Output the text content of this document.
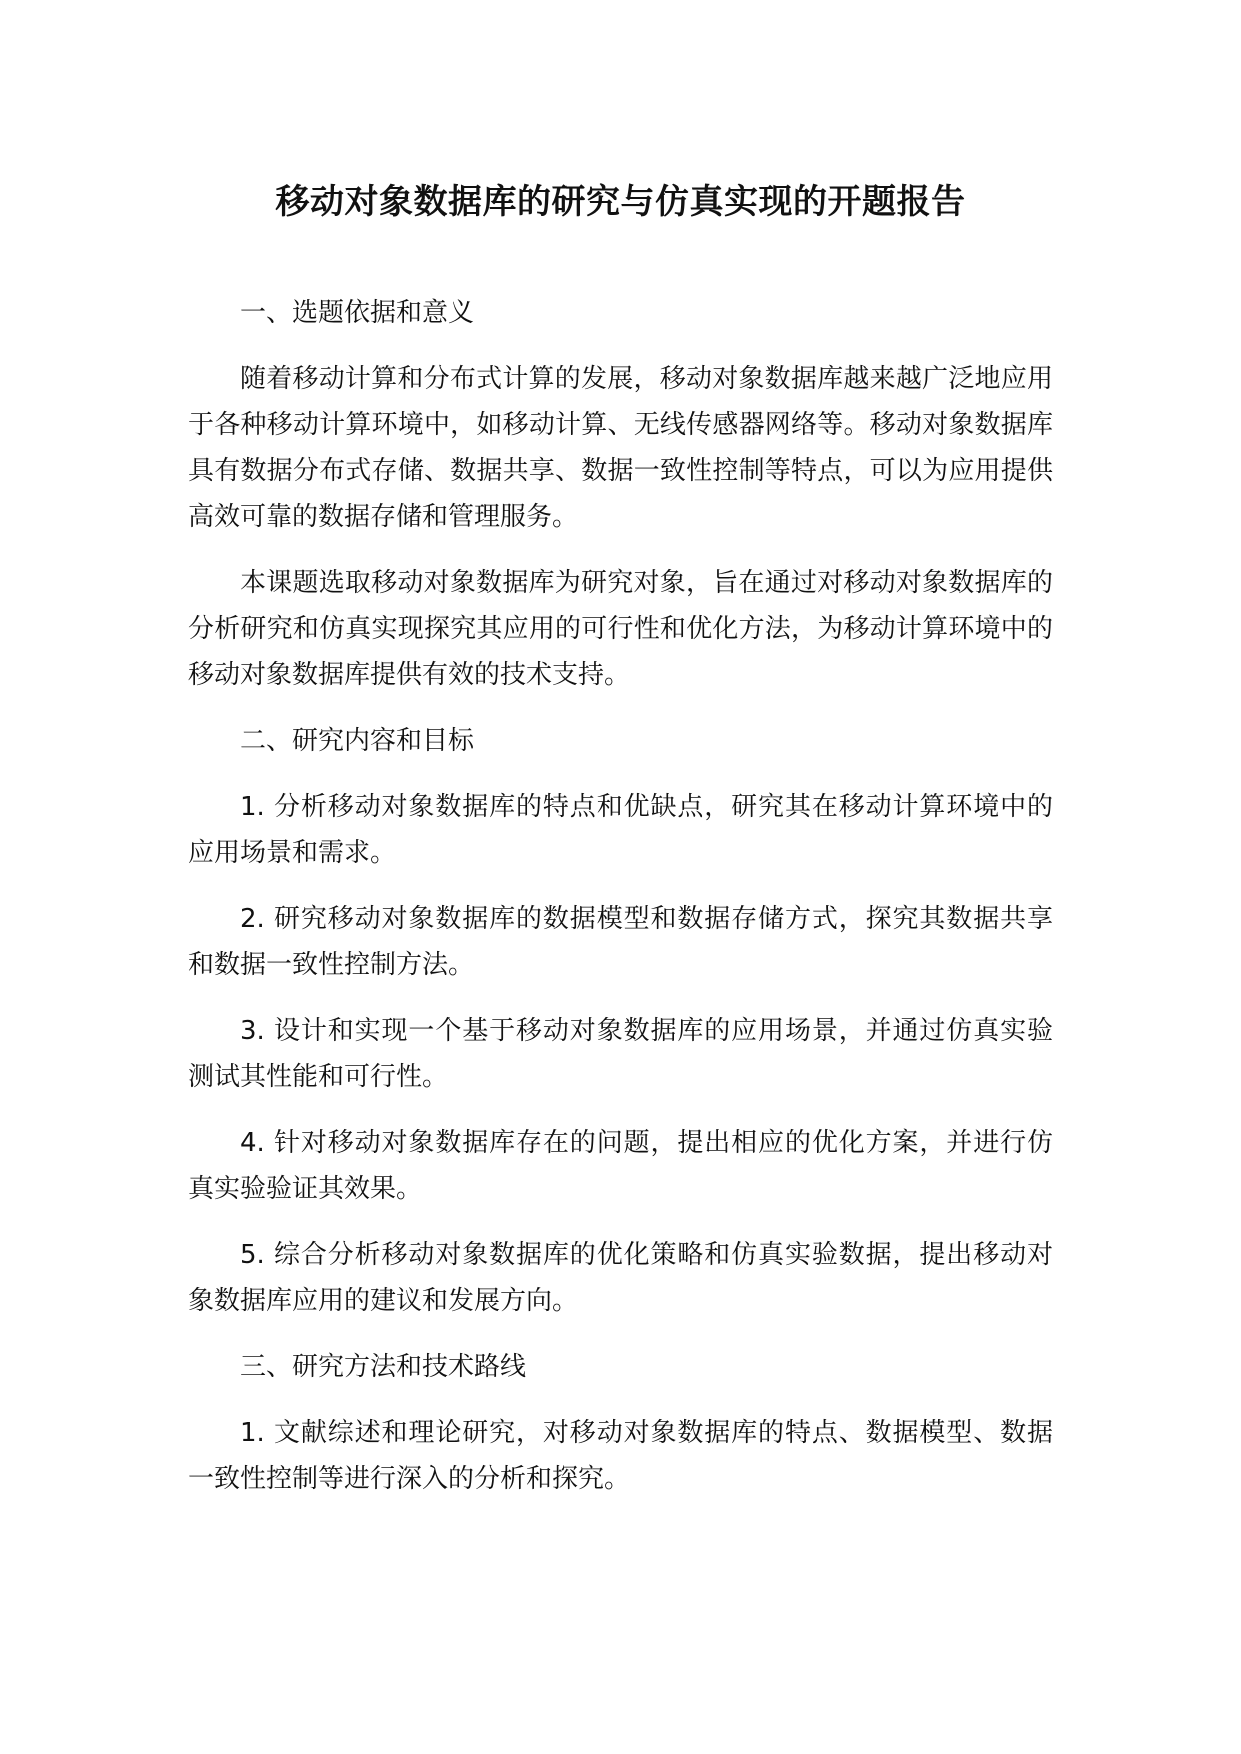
移动对象数据库的研究与仿真实现的开题报告

一、选题依据和意义

随着移动计算和分布式计算的发展，移动对象数据库越来越广泛地应用于各种移动计算环境中，如移动计算、无线传感器网络等。移动对象数据库具有数据分布式存储、数据共享、数据一致性控制等特点，可以为应用提供高效可靠的数据存储和管理服务。

本课题选取移动对象数据库为研究对象，旨在通过对移动对象数据库的分析研究和仿真实现探究其应用的可行性和优化方法，为移动计算环境中的移动对象数据库提供有效的技术支持。

二、研究内容和目标

1. 分析移动对象数据库的特点和优缺点，研究其在移动计算环境中的应用场景和需求。

2. 研究移动对象数据库的数据模型和数据存储方式，探究其数据共享和数据一致性控制方法。

3. 设计和实现一个基于移动对象数据库的应用场景，并通过仿真实验测试其性能和可行性。

4. 针对移动对象数据库存在的问题，提出相应的优化方案，并进行仿真实验验证其效果。

5. 综合分析移动对象数据库的优化策略和仿真实验数据，提出移动对象数据库应用的建议和发展方向。

三、研究方法和技术路线

1. 文献综述和理论研究，对移动对象数据库的特点、数据模型、数据一致性控制等进行深入的分析和探究。
